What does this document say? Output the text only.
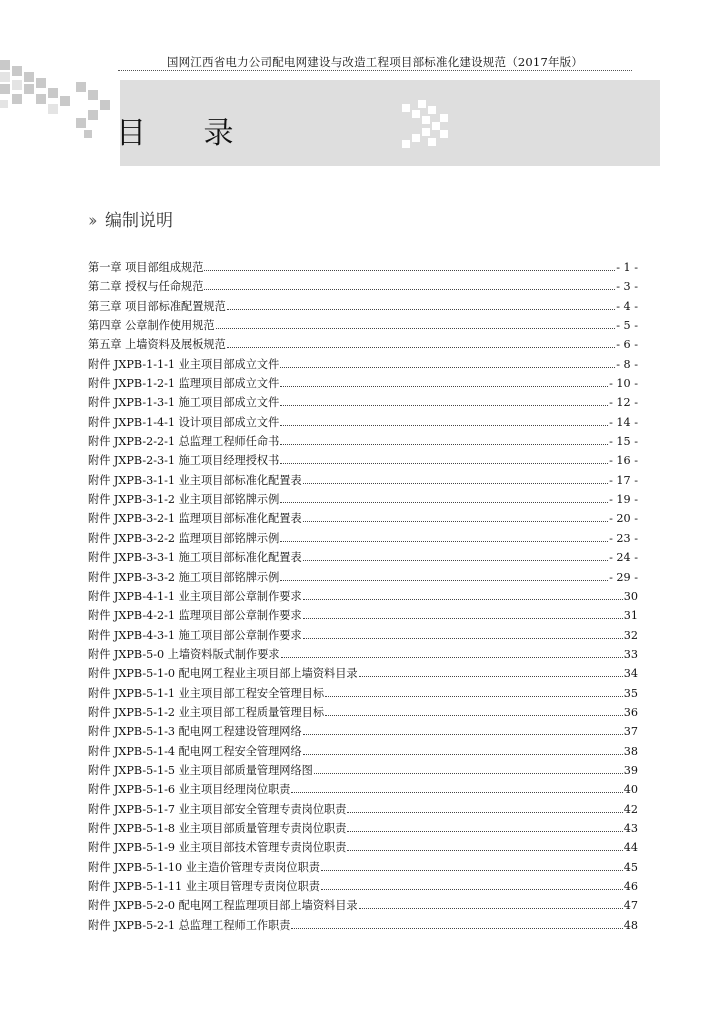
国网江西省电力公司配电网建设与改造工程项目部标准化建设规范（2017年版）
目 录
›› 编制说明
第一章 项目部组成规范	- 1 -
第二章 授权与任命规范	- 3 -
第三章 项目部标准配置规范	- 4 -
第四章 公章制作使用规范	- 5 -
第五章 上墙资料及展板规范	- 6 -
附件 JXPB-1-1-1 业主项目部成立文件	- 8 -
附件 JXPB-1-2-1 监理项目部成立文件	- 10 -
附件 JXPB-1-3-1 施工项目部成立文件	- 12 -
附件 JXPB-1-4-1 设计项目部成立文件	- 14 -
附件 JXPB-2-2-1 总监理工程师任命书	- 15 -
附件 JXPB-2-3-1 施工项目经理授权书	- 16 -
附件 JXPB-3-1-1 业主项目部标准化配置表	- 17 -
附件 JXPB-3-1-2 业主项目部铭牌示例	- 19 -
附件 JXPB-3-2-1 监理项目部标准化配置表	- 20 -
附件 JXPB-3-2-2 监理项目部铭牌示例	- 23 -
附件 JXPB-3-3-1 施工项目部标准化配置表	- 24 -
附件 JXPB-3-3-2 施工项目部铭牌示例	- 29 -
附件 JXPB-4-1-1 业主项目部公章制作要求	30
附件 JXPB-4-2-1 监理项目部公章制作要求	31
附件 JXPB-4-3-1 施工项目部公章制作要求	32
附件 JXPB-5-0 上墙资料版式制作要求	33
附件 JXPB-5-1-0 配电网工程业主项目部上墙资料目录	34
附件 JXPB-5-1-1 业主项目部工程安全管理目标	35
附件 JXPB-5-1-2 业主项目部工程质量管理目标	36
附件 JXPB-5-1-3 配电网工程建设管理网络	37
附件 JXPB-5-1-4 配电网工程安全管理网络	38
附件 JXPB-5-1-5 业主项目部质量管理网络图	39
附件 JXPB-5-1-6 业主项目经理岗位职责	40
附件 JXPB-5-1-7 业主项目部安全管理专责岗位职责	42
附件 JXPB-5-1-8 业主项目部质量管理专责岗位职责	43
附件 JXPB-5-1-9 业主项目部技术管理专责岗位职责	44
附件 JXPB-5-1-10 业主造价管理专责岗位职责	45
附件 JXPB-5-1-11 业主项目管理专责岗位职责	46
附件 JXPB-5-2-0 配电网工程监理项目部上墙资料目录	47
附件 JXPB-5-2-1 总监理工程师工作职责	48
